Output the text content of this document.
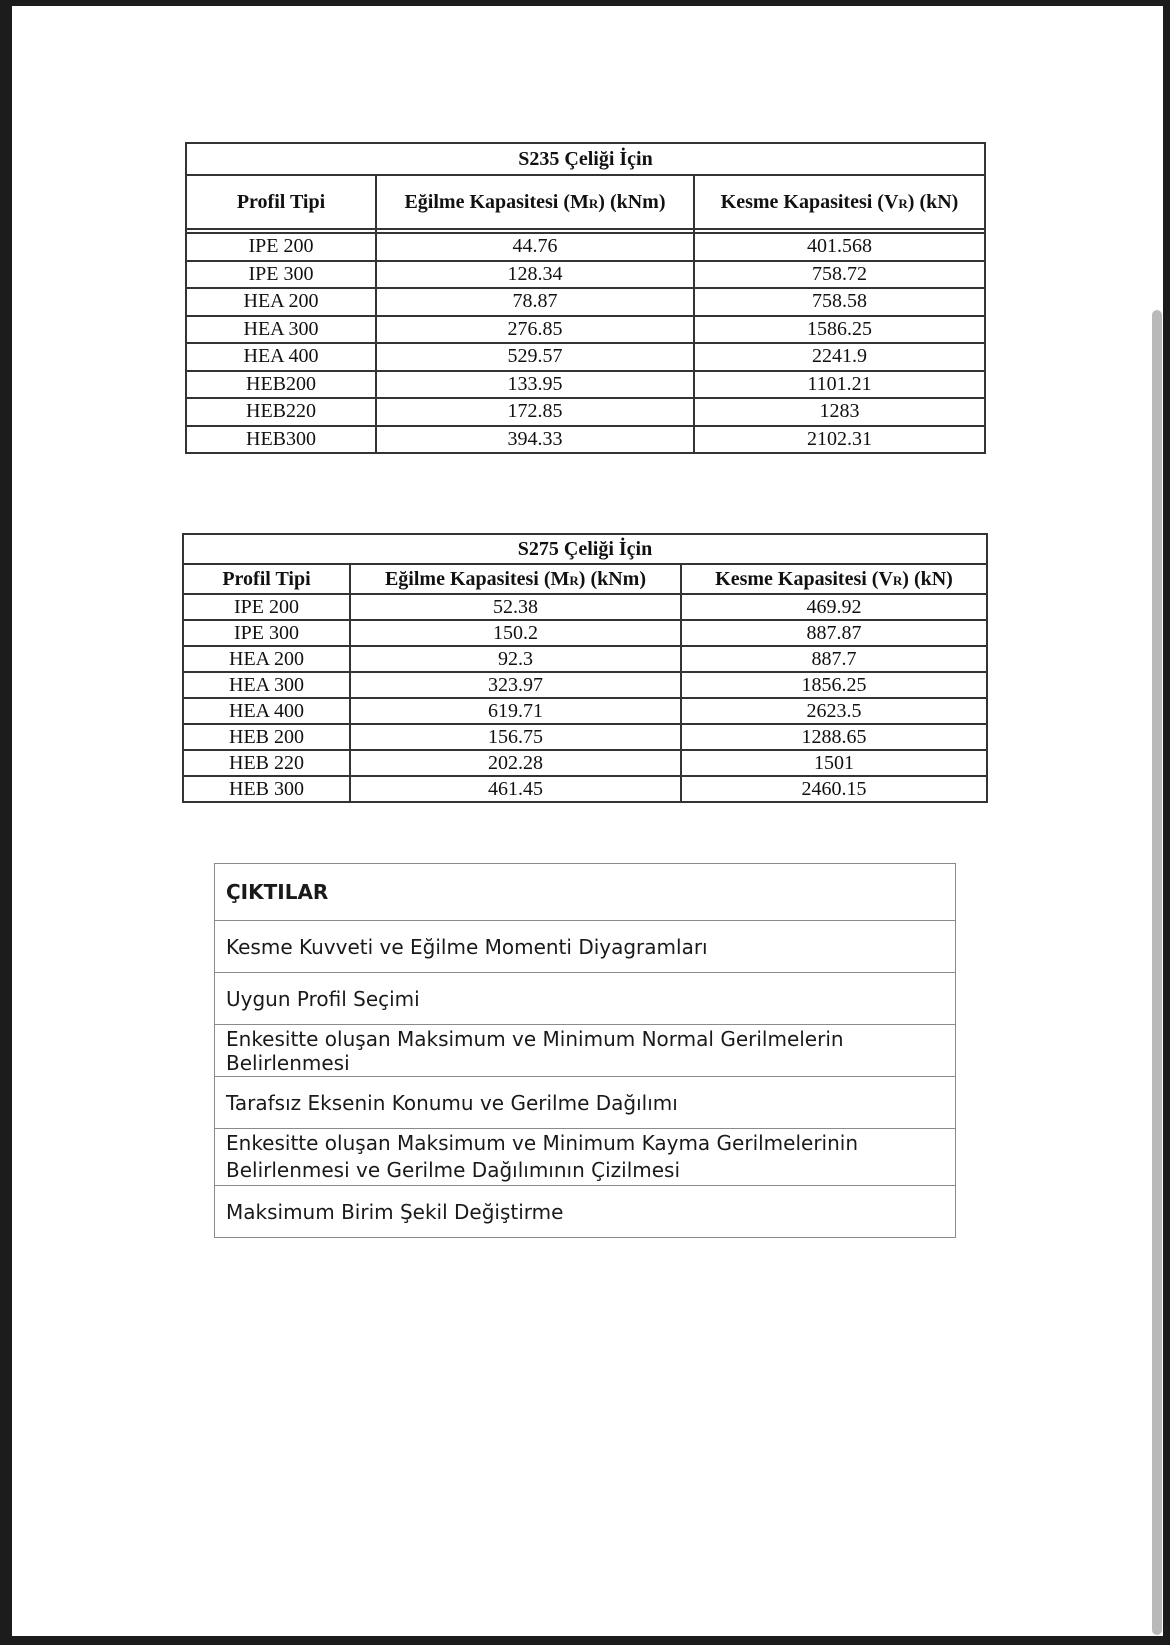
S235 Çeliği İçin		
Profil Tipi	Eğilme Kapasitesi (MR) (kNm)	Kesme Kapasitesi (VR) (kN)

IPE 200	44.76	401.568
IPE 300	128.34	758.72
HEA 200	78.87	758.58
HEA 300	276.85	1586.25
HEA 400	529.57	2241.9
HEB200	133.95	1101.21
HEB220	172.85	1283
HEB300	394.33	2102.31
S275 Çeliği İçin		
Profil Tipi	Eğilme Kapasitesi (MR) (kNm)	Kesme Kapasitesi (VR) (kN)
IPE 200	52.38	469.92
IPE 300	150.2	887.87
HEA 200	92.3	887.7
HEA 300	323.97	1856.25
HEA 400	619.71	2623.5
HEB 200	156.75	1288.65
HEB 220	202.28	1501
HEB 300	461.45	2460.15
ÇIKTILAR
Kesme Kuvveti ve Eğilme Momenti Diyagramları
Uygun Profil Seçimi
Enkesitte oluşan Maksimum ve Minimum Normal Gerilmelerin Belirlenmesi
Tarafsız Eksenin Konumu ve Gerilme Dağılımı

Enkesitte oluşan Maksimum ve Minimum Kayma Gerilmelerinin
Belirlenmesi ve Gerilme Dağılımının Çizilmesi

Maksimum Birim Şekil Değiştirme
